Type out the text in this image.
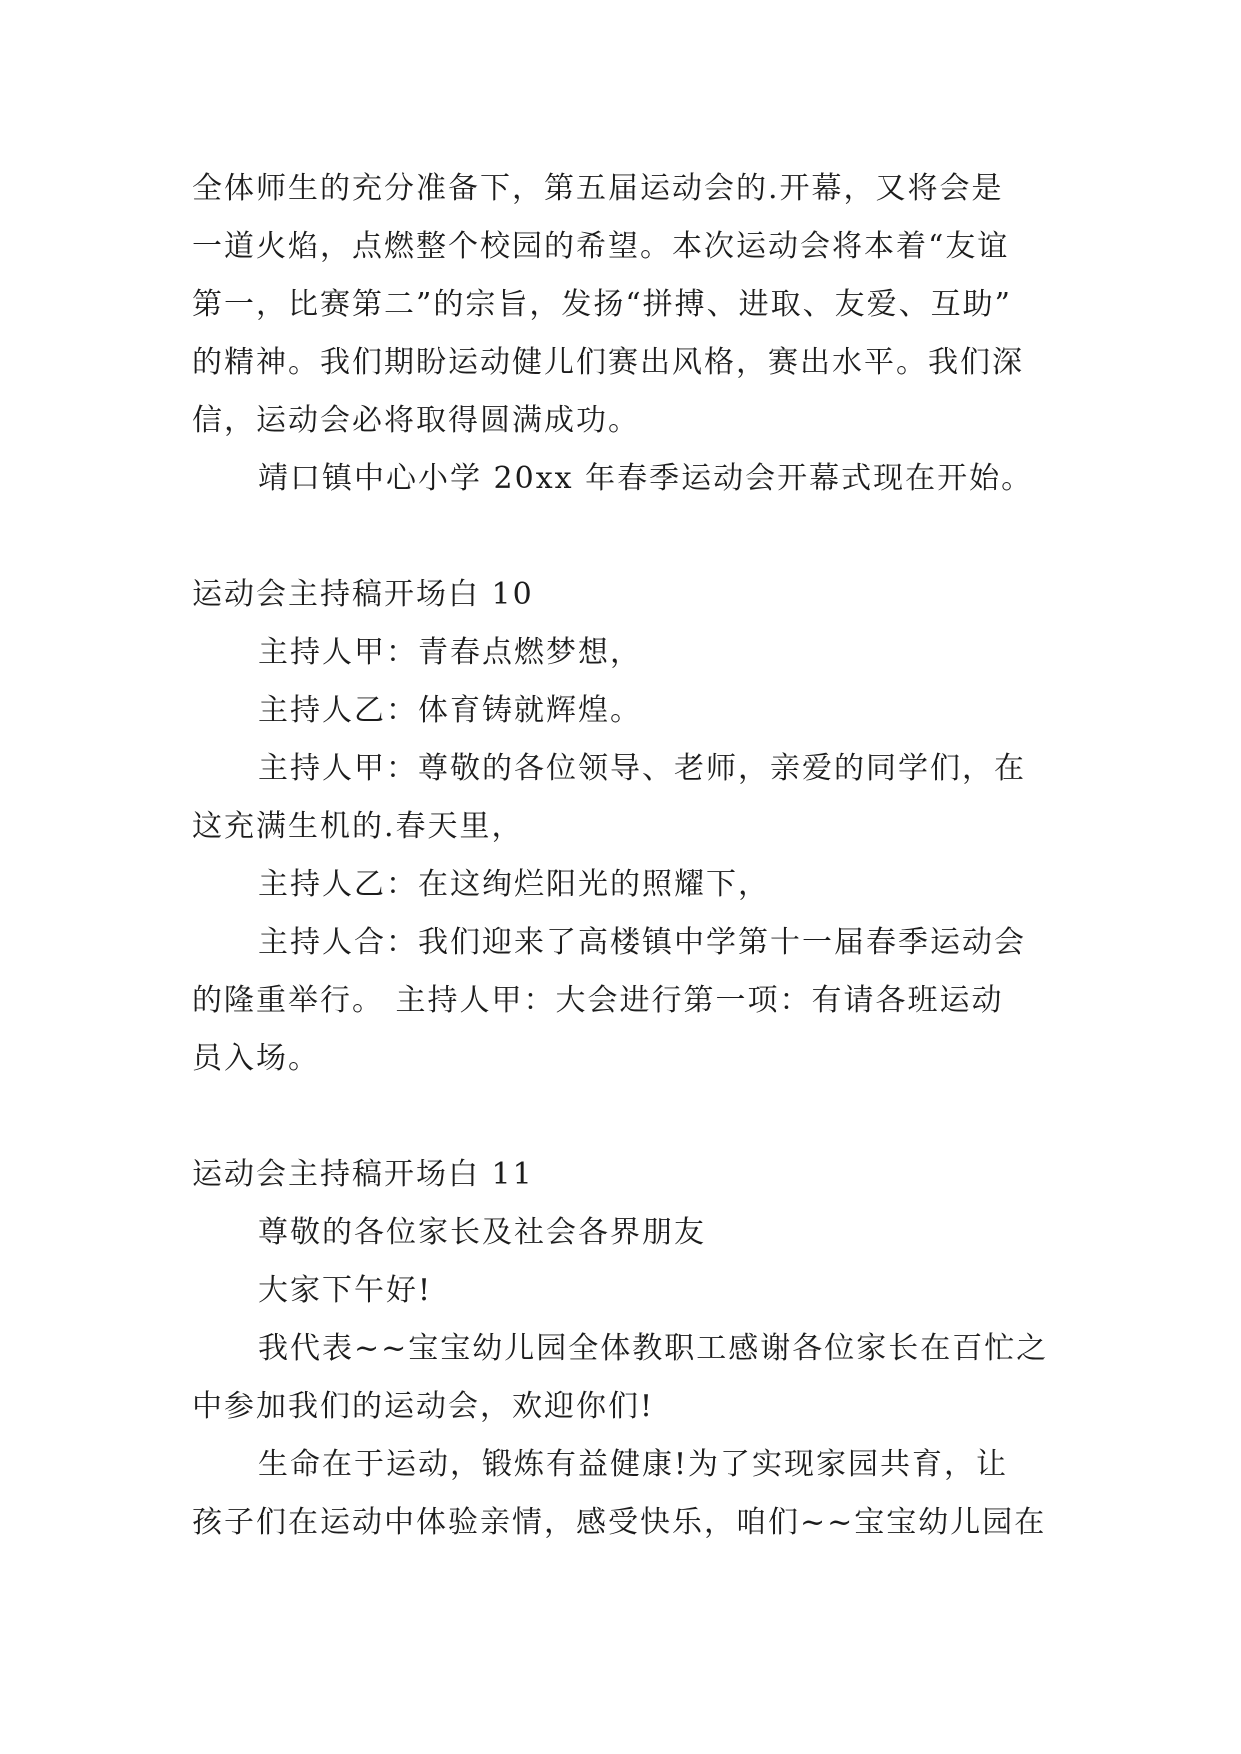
全体师生的充分准备下，第五届运动会的.开幕，又将会是
一道火焰，点燃整个校园的希望。本次运动会将本着“友谊
第一，比赛第二”的宗旨，发扬“拼搏、进取、友爱、互助”
的精神。我们期盼运动健儿们赛出风格，赛出水平。我们深
信，运动会必将取得圆满成功。
靖口镇中心小学 20xx 年春季运动会开幕式现在开始。
运动会主持稿开场白 10
主持人甲：青春点燃梦想，
主持人乙：体育铸就辉煌。
主持人甲：尊敬的各位领导、老师，亲爱的同学们，在
这充满生机的.春天里，
主持人乙：在这绚烂阳光的照耀下，
主持人合：我们迎来了高楼镇中学第十一届春季运动会
的隆重举行。 主持人甲：大会进行第一项：有请各班运动
员入场。
运动会主持稿开场白 11
尊敬的各位家长及社会各界朋友
大家下午好!
我代表~~宝宝幼儿园全体教职工感谢各位家长在百忙之
中参加我们的运动会，欢迎你们!
生命在于运动，锻炼有益健康!为了实现家园共育，让
孩子们在运动中体验亲情，感受快乐，咱们~~宝宝幼儿园在
